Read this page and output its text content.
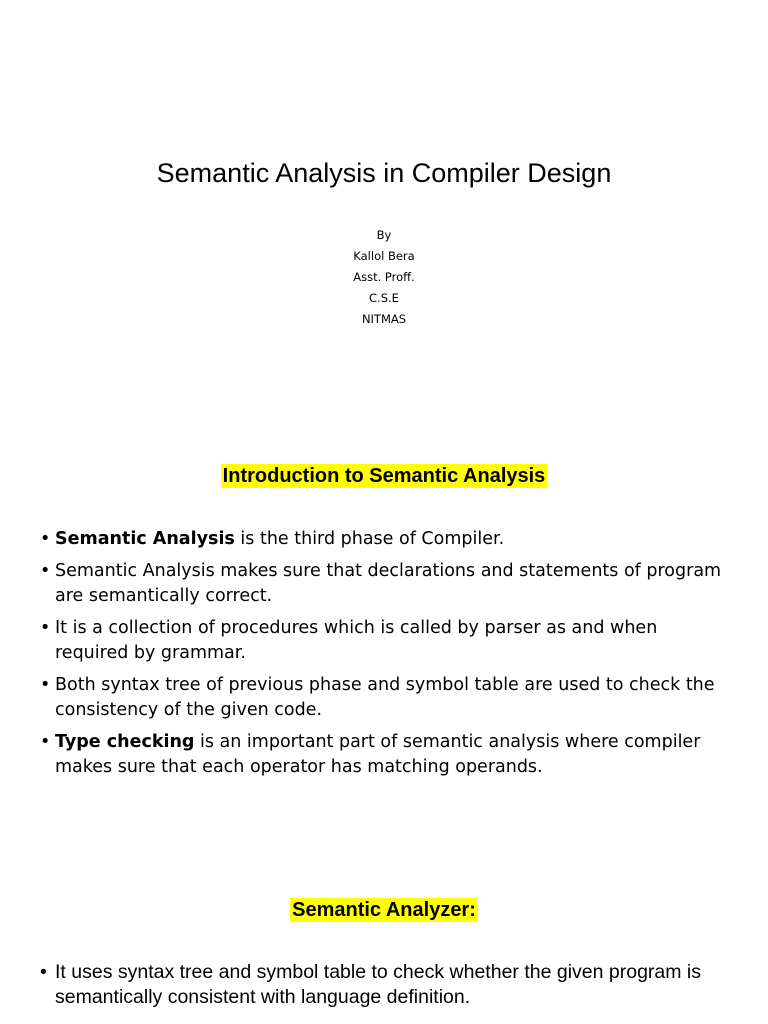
Semantic Analysis in Compiler Design
By
Kallol Bera
Asst. Proff.
C.S.E
NITMAS
Introduction to Semantic Analysis
• Semantic Analysis is the third phase of Compiler.
• Semantic Analysis makes sure that declarations and statements of program are semantically correct.
• It is a collection of procedures which is called by parser as and when required by grammar.
• Both syntax tree of previous phase and symbol table are used to check the consistency of the given code.
• Type checking is an important part of semantic analysis where compiler makes sure that each operator has matching operands.
Semantic Analyzer:
• It uses syntax tree and symbol table to check whether the given program is semantically consistent with language definition.
